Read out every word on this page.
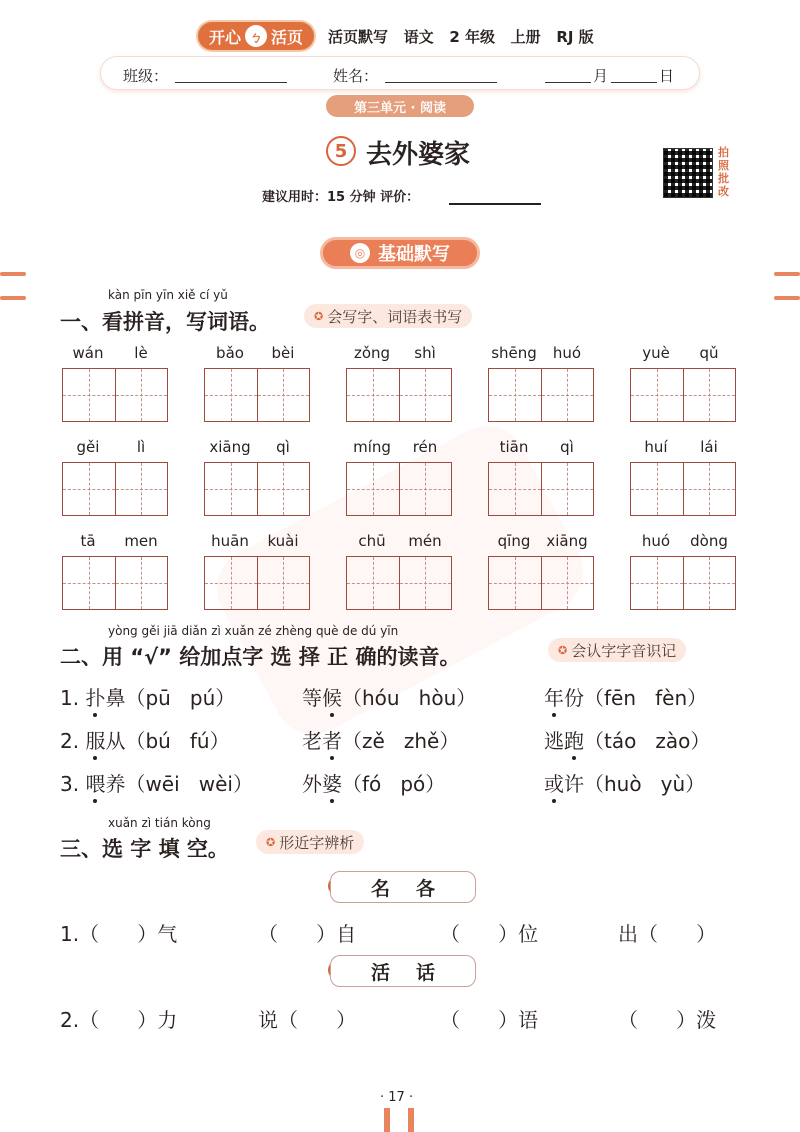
开心 ㄅ 活页 活页默写   语文   2 年级   上册   RJ 版
班级：	姓名：	月	日
第三单元 · 阅读
5 去外婆家	拍照批改
建议用时：15 分钟 评价：
◎ 基础默写
kàn pīn yīn xiě cí yǔ
一、看拼音，写词语。	✪ 会写字、词语表书写
wán	lè	bǎo	bèi	zǒng	shì	shēng	huó	yuè	qǔ
gěi	lì	xiāng	qì	míng	rén	tiān	qì	huí	lái
tā	men	huān	kuài	chū	mén	qīng	xiāng	huó	dòng
yòng gěi jiā diǎn zì xuǎn zé zhèng què de dú yīn
二、用 “√” 给加点字 选 择 正 确的读音。	✪ 会认字字音识记
1. 扑鼻（pū   pú）	等候（hóu   hòu）	年份（fēn   fèn）
2. 服从（bú   fú）	老者（zě   zhě）	逃跑（táo   zào）
3. 喂养（wēi   wèi） 外婆（fó   pó）	或许（huò   yù）
xuǎn zì tián kòng
三、选 字 填 空。	✪ 形近字辨析
名各
1.（      ）气	（      ）自	（      ）位	出（      ）
活话
2.（      ）力	说（      ）	（      ）语	（      ）泼
· 17 ·
